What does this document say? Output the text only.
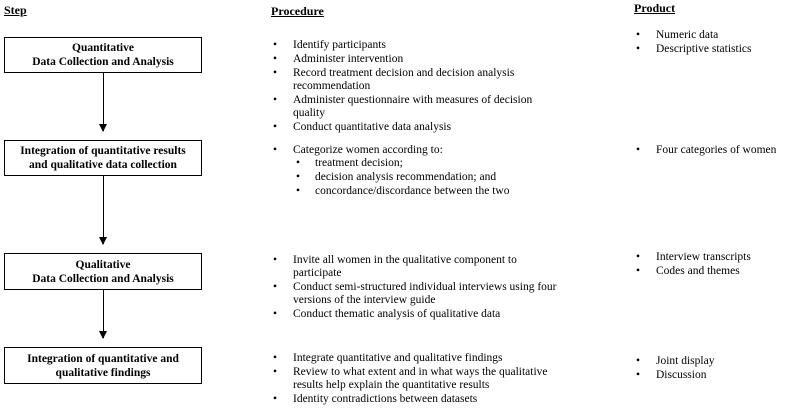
Step	Procedure	Product
Quantitative
Data Collection and Analysis
Integration of quantitative results
and qualitative data collection
Qualitative
Data Collection and Analysis
Integration of quantitative and
qualitative findings
• Identify participants
• Administer intervention
• Record treatment decision and decision analysis recommendation
• Administer questionnaire with measures of decision quality
• Conduct quantitative data analysis
• Categorize women according to:
• treatment decision;
• decision analysis recommendation; and
• concordance/discordance between the two
• Invite all women in the qualitative component to participate
• Conduct semi-structured individual interviews using four versions of the interview guide
• Conduct thematic analysis of qualitative data
• Integrate quantitative and qualitative findings
• Review to what extent and in what ways the qualitative results help explain the quantitative results
• Identity contradictions between datasets
• Numeric data
• Descriptive statistics
• Four categories of women
• Interview transcripts
• Codes and themes
• Joint display
• Discussion
